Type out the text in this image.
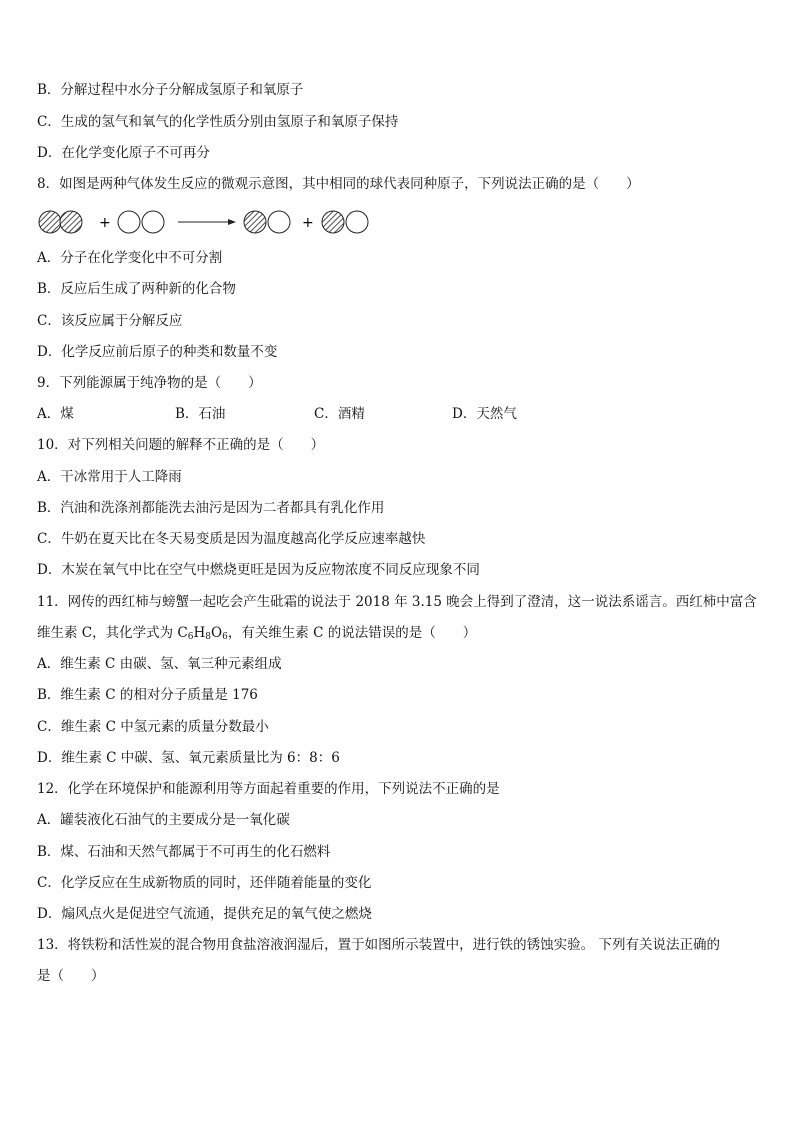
B．分解过程中水分子分解成氢原子和氧原子
C．生成的氢气和氧气的化学性质分别由氢原子和氧原子保持
D．在化学变化原子不可再分
8．如图是两种气体发生反应的微观示意图，其中相同的球代表同种原子，下列说法正确的是（　　）
+	+
A．分子在化学变化中不可分割
B．反应后生成了两种新的化合物
C．该反应属于分解反应
D．化学反应前后原子的种类和数量不变
9．下列能源属于纯净物的是（　　）
A．煤	B．石油	C．酒精	D．天然气
10．对下列相关问题的解释不正确的是（　　）
A．干冰常用于人工降雨
B．汽油和洗涤剂都能洗去油污是因为二者都具有乳化作用
C．牛奶在夏天比在冬天易变质是因为温度越高化学反应速率越快
D．木炭在氧气中比在空气中燃烧更旺是因为反应物浓度不同反应现象不同
11．网传的西红柿与螃蟹一起吃会产生砒霜的说法于 2018 年 3.15 晚会上得到了澄清，这一说法系谣言。西红柿中富含
维生素 C，其化学式为 $C_6H_8O_6$，有关维生素 C 的说法错误的是（　　）
A．维生素 C 由碳、氢、氧三种元素组成
B．维生素 C 的相对分子质量是 176
C．维生素 C 中氢元素的质量分数最小
D．维生素 C 中碳、氢、氧元素质量比为 6：8：6
12．化学在环境保护和能源利用等方面起着重要的作用，下列说法不正确的是
A．罐装液化石油气的主要成分是一氧化碳
B．煤、石油和天然气都属于不可再生的化石燃料
C．化学反应在生成新物质的同时，还伴随着能量的变化
D．煽风点火是促进空气流通，提供充足的氧气使之燃烧
13．将铁粉和活性炭的混合物用食盐溶液润湿后，置于如图所示装置中，进行铁的锈蚀实验。 下列有关说法正确的
是（　　）
